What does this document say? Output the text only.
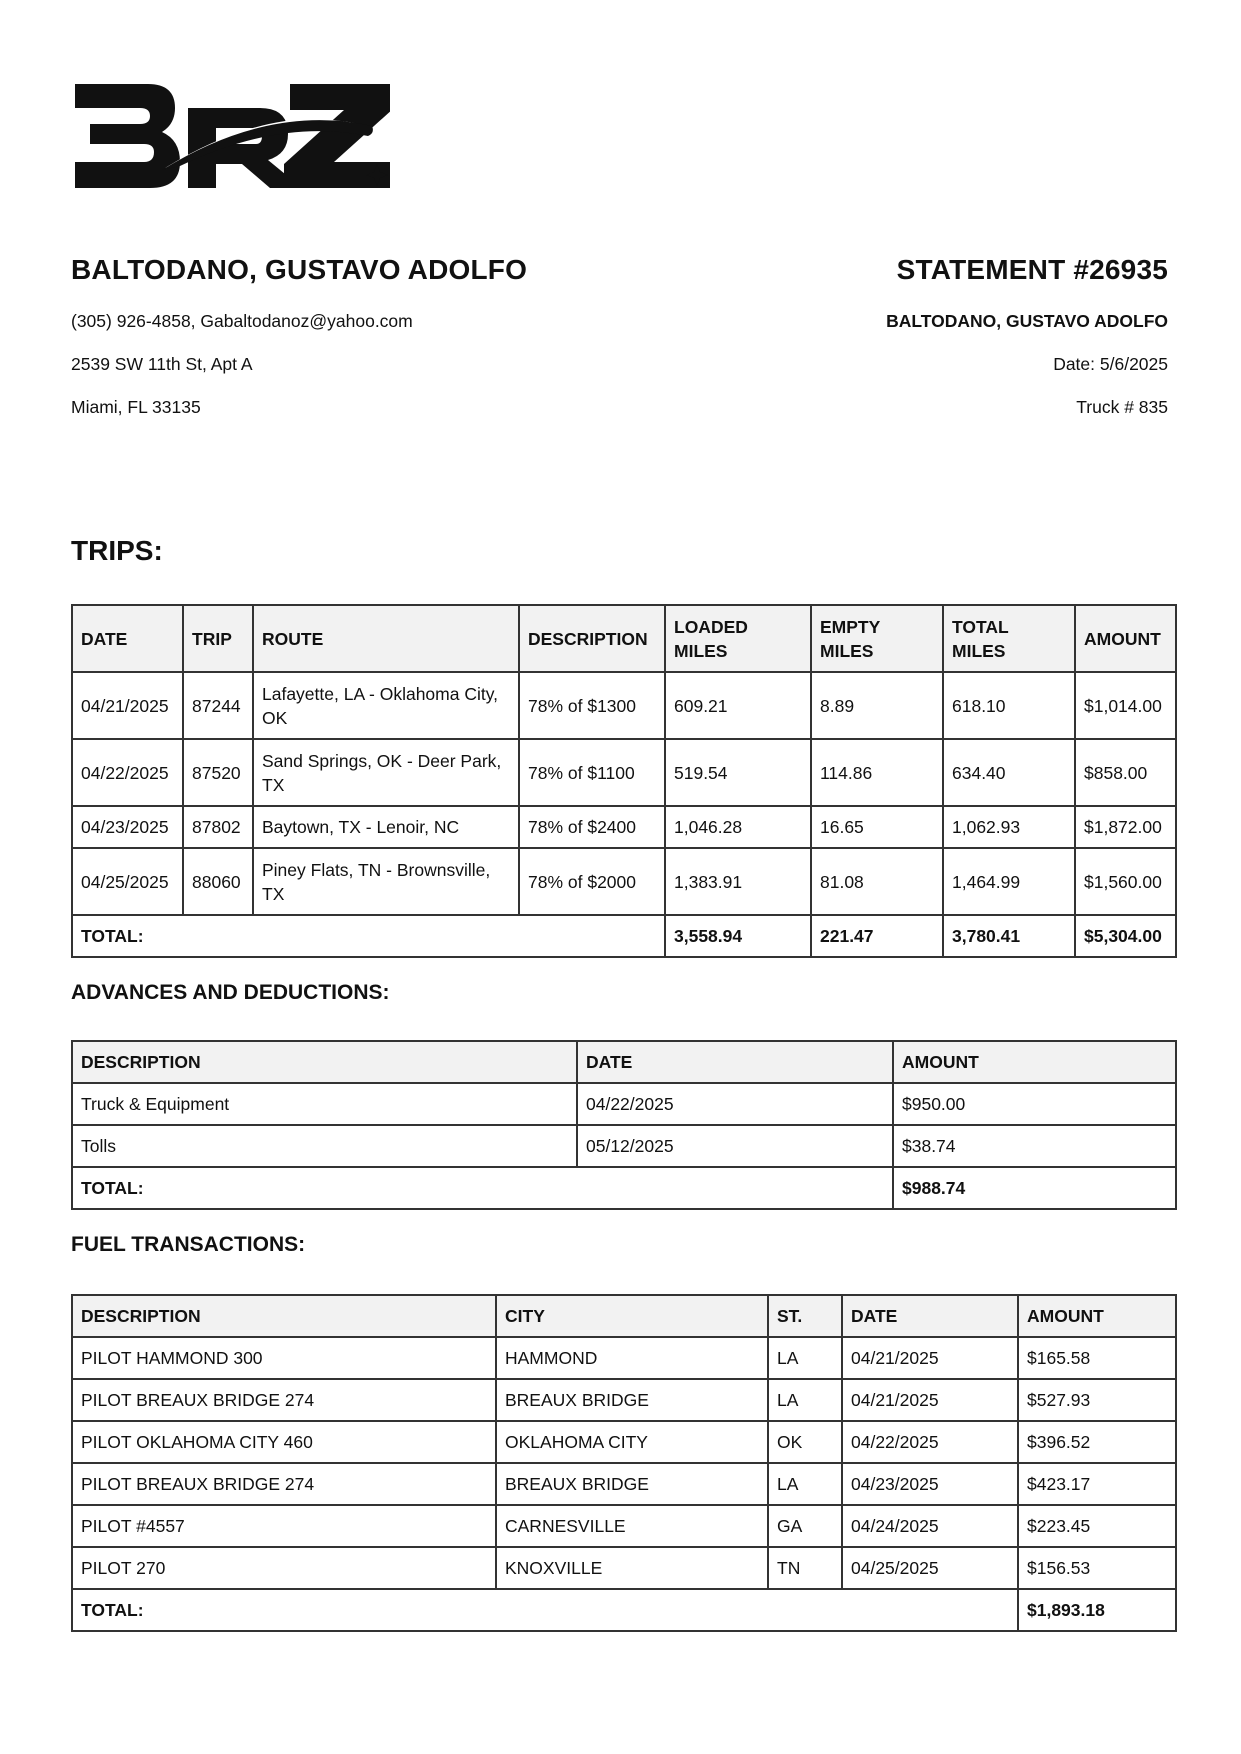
BALTODANO, GUSTAVO ADOLFO
(305) 926-4858, Gabaltodanoz@yahoo.com
2539 SW 11th St, Apt A
Miami, FL 33135
STATEMENT #26935
BALTODANO, GUSTAVO ADOLFO
Date: 5/6/2025
Truck # 835
TRIPS:
DATE	TRIP	ROUTE	DESCRIPTION	LOADED MILES	EMPTY MILES	TOTAL MILES	AMOUNT
04/21/2025	87244	Lafayette, LA - Oklahoma City, OK	78% of $1300	609.21	8.89	618.10	$1,014.00
04/22/2025	87520	Sand Springs, OK - Deer Park, TX	78% of $1100	519.54	114.86	634.40	$858.00
04/23/2025	87802	Baytown, TX - Lenoir, NC	78% of $2400	1,046.28	16.65	1,062.93	$1,872.00
04/25/2025	88060	Piney Flats, TN - Brownsville, TX	78% of $2000	1,383.91	81.08	1,464.99	$1,560.00
TOTAL:				3,558.94	221.47	3,780.41	$5,304.00
ADVANCES AND DEDUCTIONS:
DESCRIPTION	DATE	AMOUNT
Truck & Equipment	04/22/2025	$950.00
Tolls	05/12/2025	$38.74
TOTAL:		$988.74
FUEL TRANSACTIONS:
DESCRIPTION	CITY	ST.	DATE	AMOUNT
PILOT HAMMOND 300	HAMMOND	LA	04/21/2025	$165.58
PILOT BREAUX BRIDGE 274	BREAUX BRIDGE	LA	04/21/2025	$527.93
PILOT OKLAHOMA CITY 460	OKLAHOMA CITY	OK	04/22/2025	$396.52
PILOT BREAUX BRIDGE 274	BREAUX BRIDGE	LA	04/23/2025	$423.17
PILOT #4557	CARNESVILLE	GA	04/24/2025	$223.45
PILOT 270	KNOXVILLE	TN	04/25/2025	$156.53
TOTAL:				$1,893.18
